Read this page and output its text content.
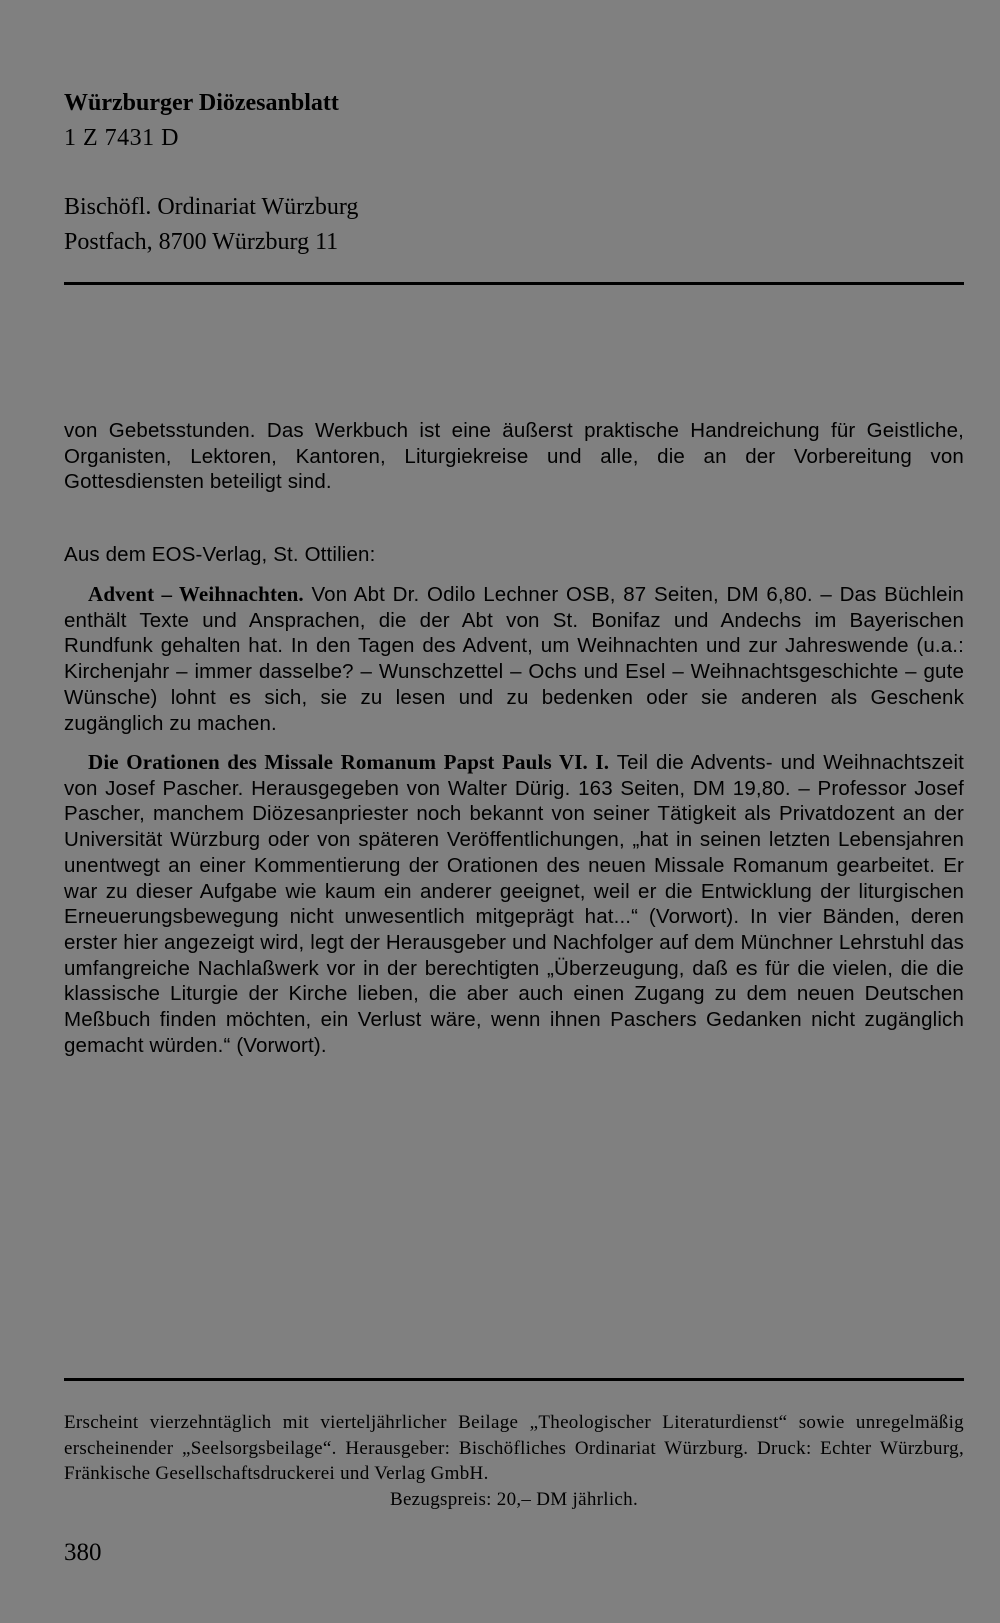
Würzburger Diözesanblatt
1 Z 7431 D
Bischöfl. Ordinariat Würzburg
Postfach, 8700 Würzburg 11

von Gebetsstunden. Das Werkbuch ist eine äußerst praktische Handreichung für Geistliche, Organisten, Lektoren, Kantoren, Liturgiekreise und alle, die an der Vorbereitung von Gottesdiensten beteiligt sind.

Aus dem EOS-Verlag, St. Ottilien:

Advent – Weihnachten. Von Abt Dr. Odilo Lechner OSB, 87 Seiten, DM 6,80. – Das Büchlein enthält Texte und Ansprachen, die der Abt von St. Bonifaz und Andechs im Bayerischen Rundfunk gehalten hat. In den Tagen des Advent, um Weihnachten und zur Jahreswende (u.a.: Kirchenjahr – immer dasselbe? – Wunschzettel – Ochs und Esel – Weihnachtsgeschichte – gute Wünsche) lohnt es sich, sie zu lesen und zu bedenken oder sie anderen als Geschenk zugänglich zu machen.

Die Orationen des Missale Romanum Papst Pauls VI. I. Teil die Advents- und Weihnachtszeit von Josef Pascher. Herausgegeben von Walter Dürig. 163 Seiten, DM 19,80. – Professor Josef Pascher, manchem Diözesanpriester noch bekannt von seiner Tätigkeit als Privatdozent an der Universität Würzburg oder von späteren Veröffentlichungen, „hat in seinen letzten Lebensjahren unentwegt an einer Kommentierung der Orationen des neuen Missale Romanum gearbeitet. Er war zu dieser Aufgabe wie kaum ein anderer geeignet, weil er die Entwicklung der liturgischen Erneuerungsbewegung nicht unwesentlich mitgeprägt hat...“ (Vorwort). In vier Bänden, deren erster hier angezeigt wird, legt der Herausgeber und Nachfolger auf dem Münchner Lehrstuhl das umfangreiche Nachlaßwerk vor in der berechtigten „Überzeugung, daß es für die vielen, die die klassische Liturgie der Kirche lieben, die aber auch einen Zugang zu dem neuen Deutschen Meßbuch finden möchten, ein Verlust wäre, wenn ihnen Paschers Gedanken nicht zugänglich gemacht würden.“ (Vorwort).

Erscheint vierzehntäglich mit vierteljährlicher Beilage „Theologischer Literaturdienst“ sowie unregelmäßig erscheinender „Seelsorgsbeilage“. Herausgeber: Bischöfliches Ordinariat Würzburg. Druck: Echter Würzburg, Fränkische Gesellschaftsdruckerei und Verlag GmbH.
Bezugspreis: 20,– DM jährlich.

380
